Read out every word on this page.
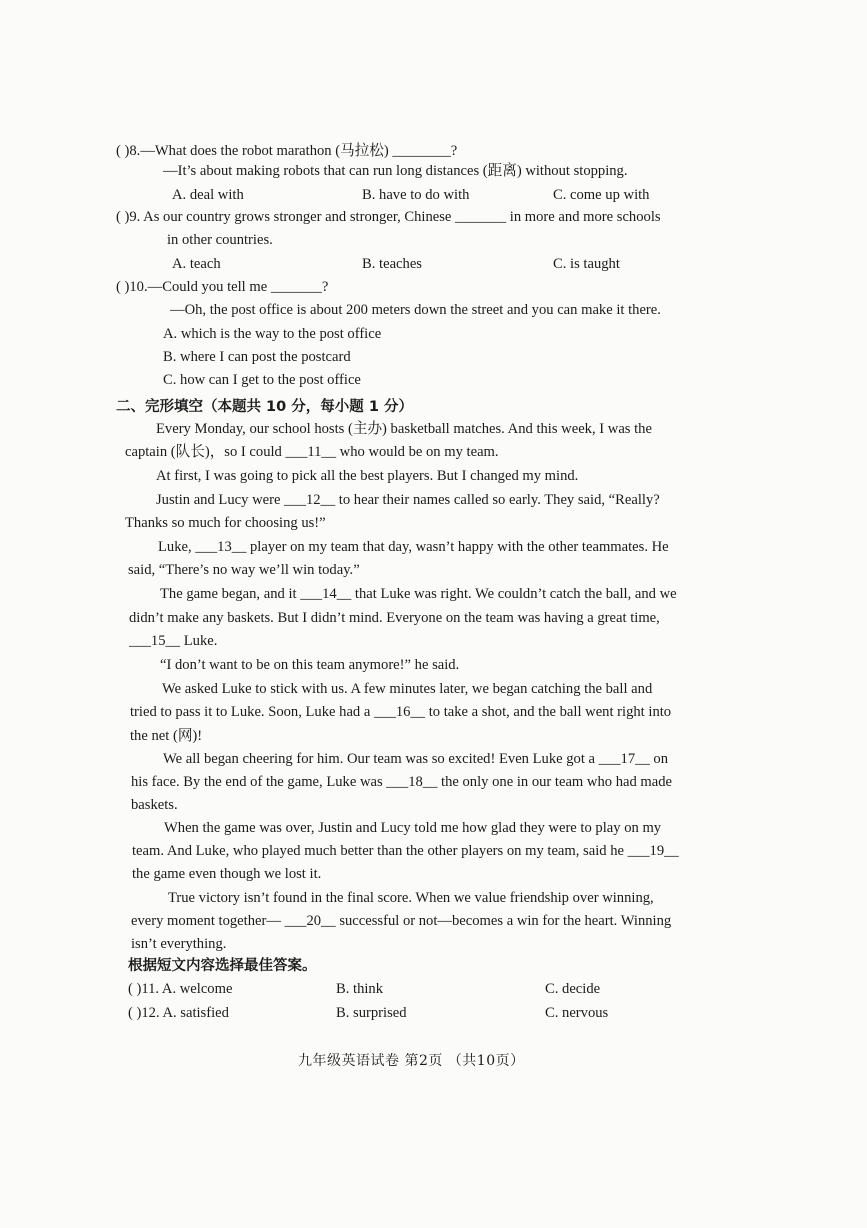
( )8.—What does the robot marathon (马拉松) ________?
—It’s about making robots that can run long distances (距离) without stopping.
A. deal with	B. have to do with	C. come up with
( )9. As our country grows stronger and stronger, Chinese _______ in more and more schools
in other countries.
A. teach	B. teaches	C. is taught
( )10.—Could you tell me _______?
—Oh, the post office is about 200 meters down the street and you can make it there.
A. which is the way to the post office
B. where I can post the postcard
C. how can I get to the post office
二、完形填空（本题共 10 分，每小题 1 分）
Every Monday, our school hosts (主办) basketball matches. And this week, I was the
captain (队长)，so I could ___11__ who would be on my team.
At first, I was going to pick all the best players. But I changed my mind.
Justin and Lucy were ___12__ to hear their names called so early. They said, “Really?
Thanks so much for choosing us!”
Luke, ___13__ player on my team that day, wasn’t happy with the other teammates. He
said, “There’s no way we’ll win today.”
The game began, and it ___14__ that Luke was right. We couldn’t catch the ball, and we
didn’t make any baskets. But I didn’t mind. Everyone on the team was having a great time,
___15__ Luke.
“I don’t want to be on this team anymore!” he said.
We asked Luke to stick with us. A few minutes later, we began catching the ball and
tried to pass it to Luke. Soon, Luke had a ___16__ to take a shot, and the ball went right into
the net (网)!
We all began cheering for him. Our team was so excited! Even Luke got a ___17__ on
his face. By the end of the game, Luke was ___18__ the only one in our team who had made
baskets.
When the game was over, Justin and Lucy told me how glad they were to play on my
team. And Luke, who played much better than the other players on my team, said he ___19__
the game even though we lost it.
True victory isn’t found in the final score. When we value friendship over winning,
every moment together— ___20__ successful or not—becomes a win for the heart. Winning
isn’t everything.
根据短文内容选择最佳答案。
( )11. A. welcome	B. think	C. decide
( )12. A. satisfied	B. surprised	C. nervous
九年级英语试卷 第2页 （共10页）
